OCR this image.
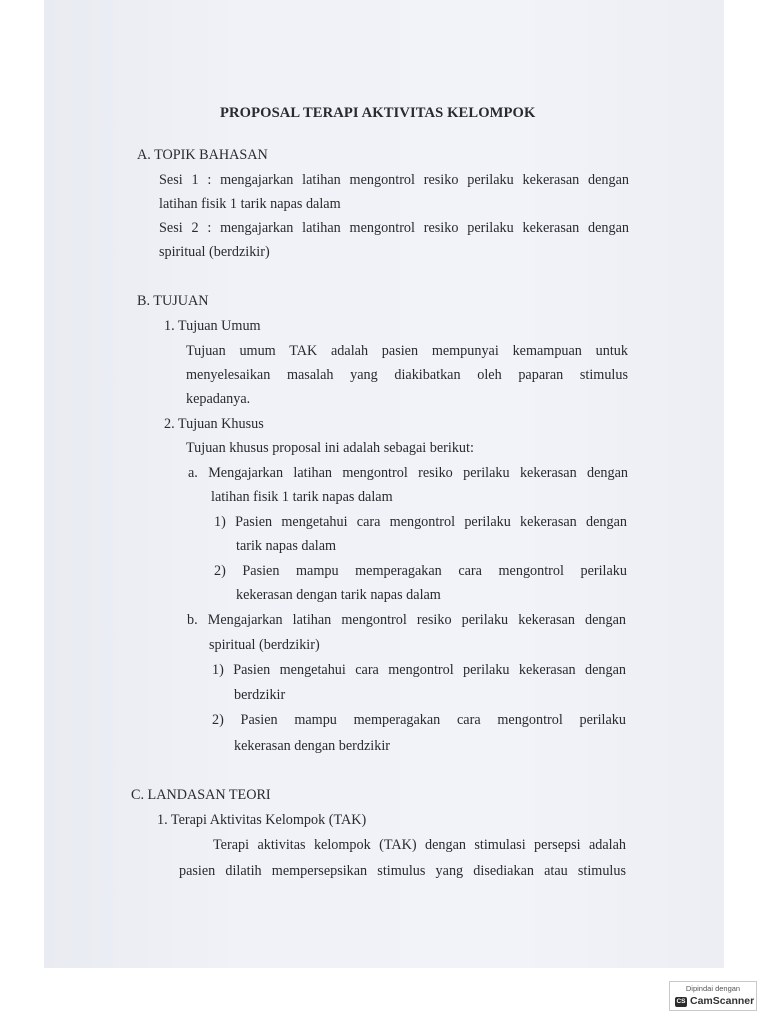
PROPOSAL TERAPI AKTIVITAS KELOMPOK
A. TOPIK BAHASAN
Sesi 1 : mengajarkan latihan mengontrol resiko perilaku kekerasan dengan
latihan fisik 1 tarik napas dalam
Sesi 2 : mengajarkan latihan mengontrol resiko perilaku kekerasan dengan
spiritual (berdzikir)
B. TUJUAN
1. Tujuan Umum
Tujuan umum TAK adalah pasien mempunyai kemampuan untuk
menyelesaikan masalah yang diakibatkan oleh paparan stimulus
kepadanya.
2. Tujuan Khusus
Tujuan khusus proposal ini adalah sebagai berikut:
a. Mengajarkan latihan mengontrol resiko perilaku kekerasan dengan
latihan fisik 1 tarik napas dalam
1) Pasien mengetahui cara mengontrol perilaku kekerasan dengan
tarik napas dalam
2) Pasien mampu memperagakan cara mengontrol perilaku
kekerasan dengan tarik napas dalam
b. Mengajarkan latihan mengontrol resiko perilaku kekerasan dengan
spiritual (berdzikir)
1) Pasien mengetahui cara mengontrol perilaku kekerasan dengan
berdzikir
2) Pasien mampu memperagakan cara mengontrol perilaku
kekerasan dengan berdzikir
C. LANDASAN TEORI
1. Terapi Aktivitas Kelompok (TAK)
Terapi aktivitas kelompok (TAK) dengan stimulasi persepsi adalah
pasien dilatih mempersepsikan stimulus yang disediakan atau stimulus
Dipindai dengan
CS CamScanner
